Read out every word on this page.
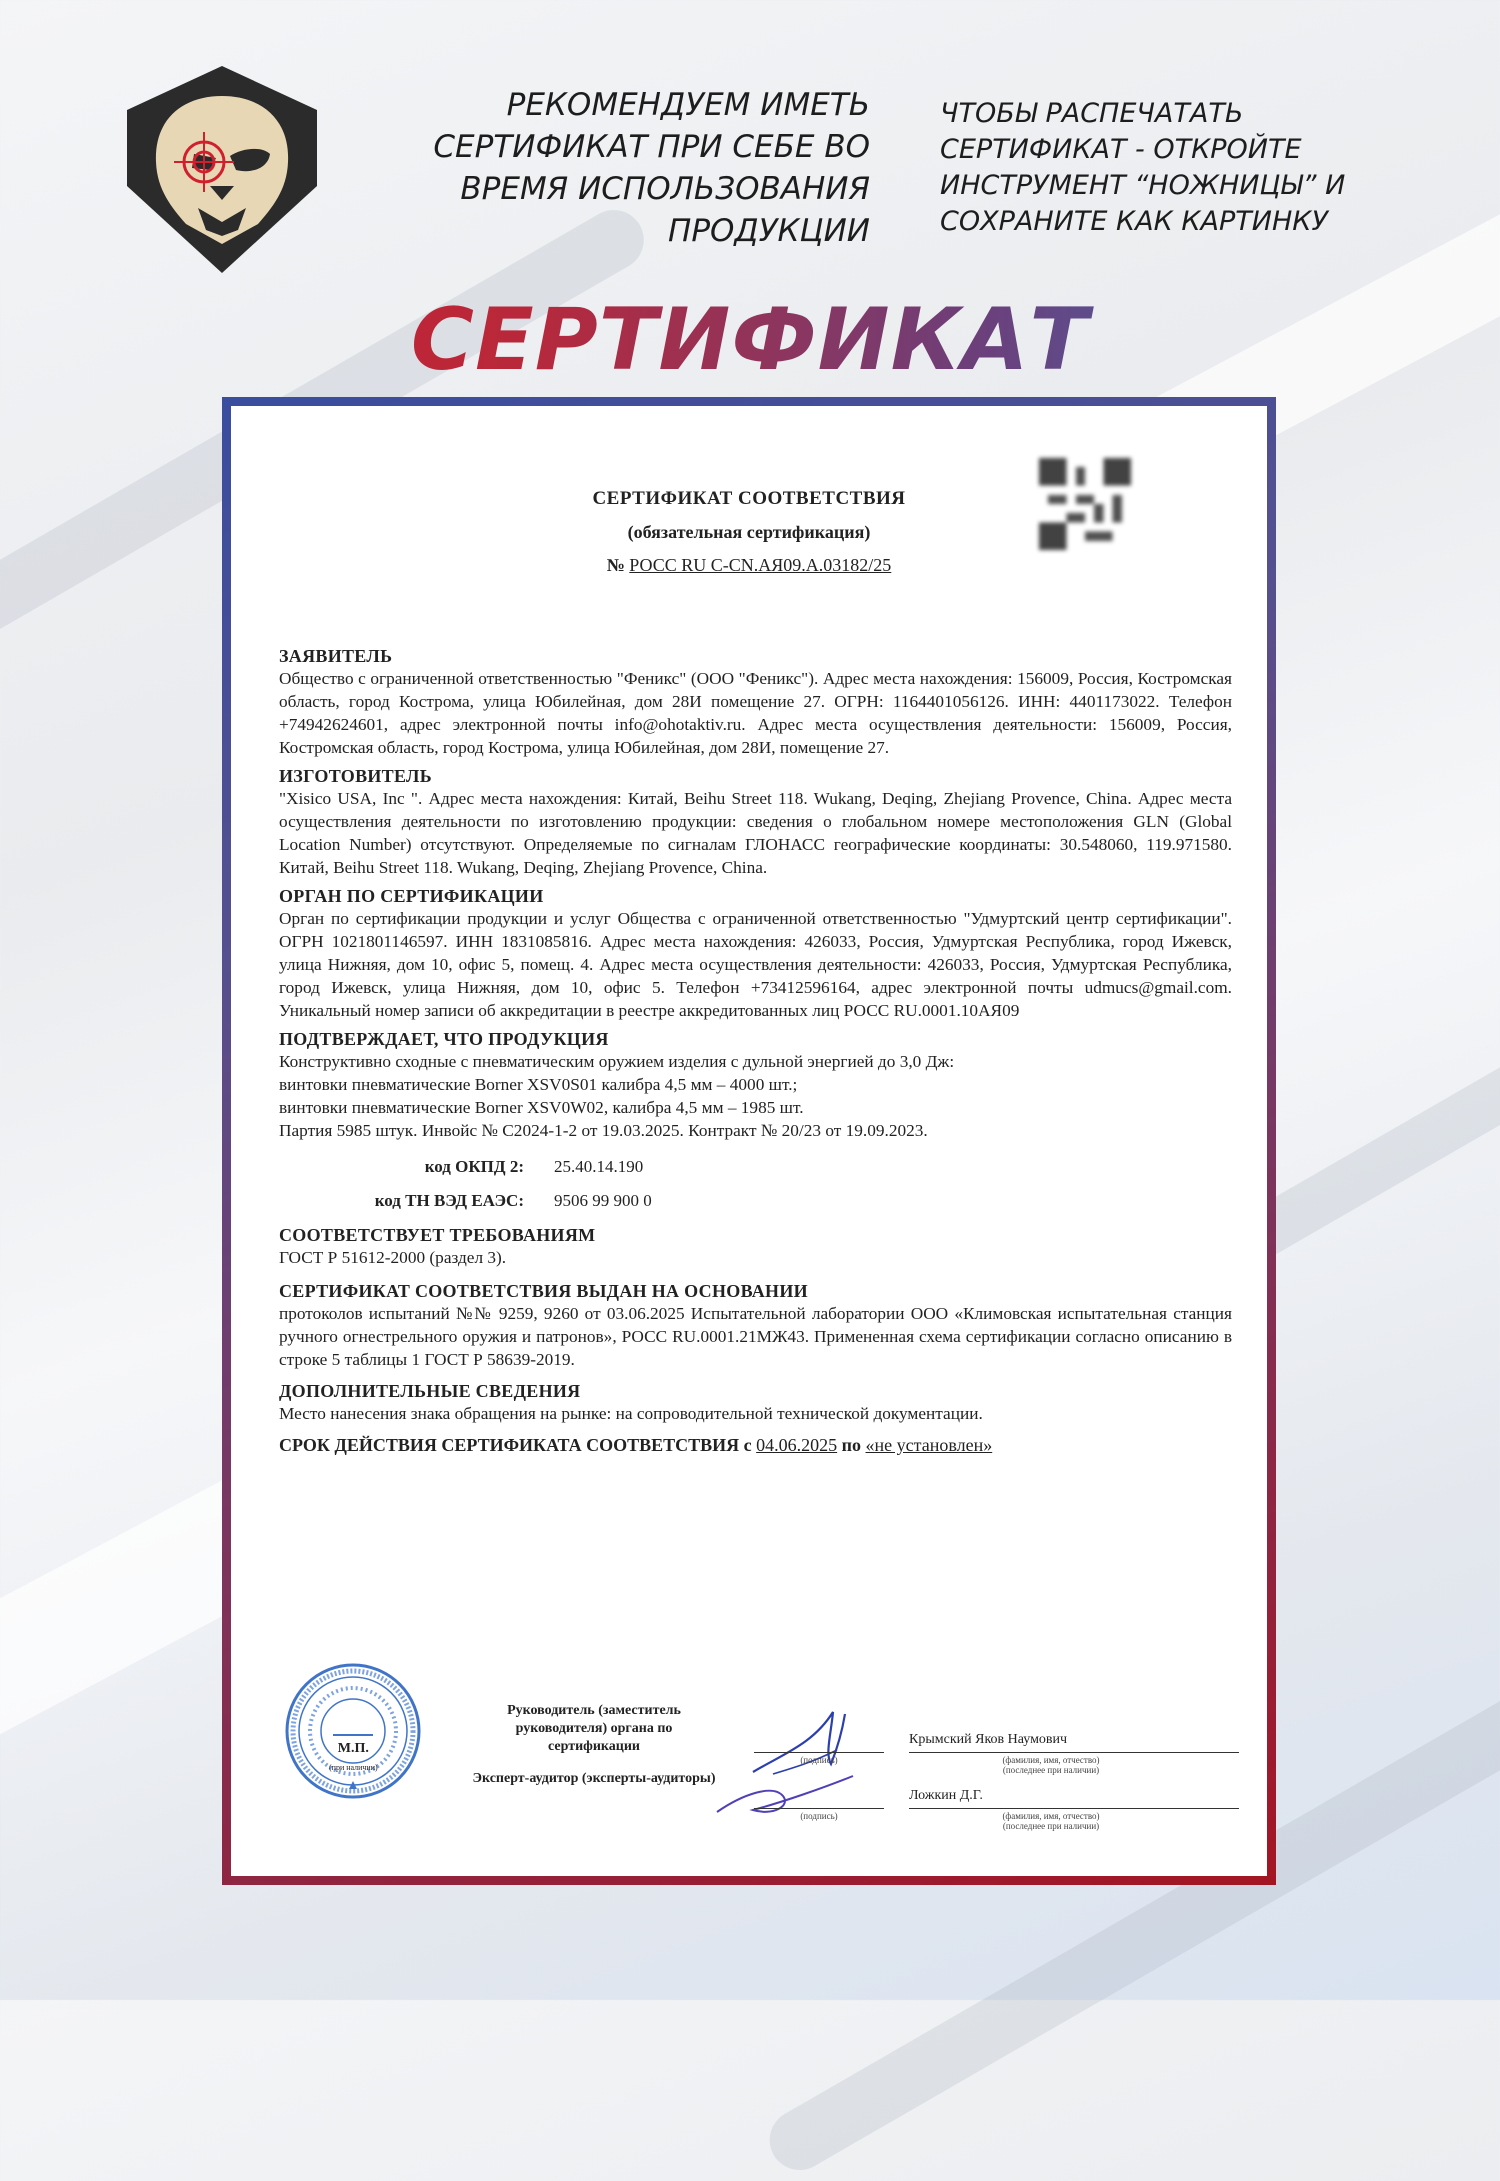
РЕКОМЕНДУЕМ ИМЕТЬ СЕРТИФИКАТ ПРИ СЕБЕ ВО ВРЕМЯ ИСПОЛЬЗОВАНИЯ ПРОДУКЦИИ
ЧТОБЫ РАСПЕЧАТАТЬ СЕРТИФИКАТ - ОТКРОЙТЕ ИНСТРУМЕНТ “НОЖНИЦЫ” И СОХРАНИТЕ КАК КАРТИНКУ
СЕРТИФИКАТ
СЕРТИФИКАТ СООТВЕТСТВИЯ
(обязательная сертификация)
№ РОСС RU С-CN.АЯ09.А.03182/25
ЗАЯВИТЕЛЬ

Общество с ограниченной ответственностью "Феникс" (ООО "Феникс"). Адрес места нахождения: 156009, Россия, Костромская область, город Кострома, улица Юбилейная, дом 28И помещение 27. ОГРН: 1164401056126. ИНН: 4401173022. Телефон +74942624601, адрес электронной почты info@ohotaktiv.ru. Адрес места осуществления деятельности: 156009, Россия, Костромская область, город Кострома, улица Юбилейная, дом 28И, помещение 27.

ИЗГОТОВИТЕЛЬ

"Xisico USA, Inc ". Адрес места нахождения: Китай, Beihu Street 118. Wukang, Deqing, Zhejiang Provence, China. Адрес места осуществления деятельности по изготовлению продукции: сведения о глобальном номере местоположения GLN (Global Location Number) отсутствуют. Определяемые по сигналам ГЛОНАСС географические координаты: 30.548060, 119.971580. Китай, Beihu Street 118. Wukang, Deqing, Zhejiang Provence, China.

ОРГАН ПО СЕРТИФИКАЦИИ

Орган по сертификации продукции и услуг Общества с ограниченной ответственностью "Удмуртский центр сертификации". ОГРН 1021801146597. ИНН 1831085816. Адрес места нахождения: 426033, Россия, Удмуртская Республика, город Ижевск, улица Нижняя, дом 10, офис 5, помещ. 4. Адрес места осуществления деятельности: 426033, Россия, Удмуртская Республика, город Ижевск, улица Нижняя, дом 10, офис 5. Телефон +73412596164, адрес электронной почты udmucs@gmail.com. Уникальный номер записи об аккредитации в реестре аккредитованных лиц РОСС RU.0001.10АЯ09

ПОДТВЕРЖДАЕТ, ЧТО ПРОДУКЦИЯ

Конструктивно сходные с пневматическим оружием изделия с дульной энергией до 3,0 Дж:

винтовки пневматические Borner XSV0S01 калибра 4,5 мм – 4000 шт.;

винтовки пневматические Borner XSV0W02, калибра 4,5 мм – 1985 шт.

Партия 5985 штук. Инвойс № C2024-1-2 от 19.03.2025. Контракт № 20/23 от 19.09.2023.

код ОКПД 2:	25.40.14.190
код ТН ВЭД ЕАЭС:	9506 99 900 0
СООТВЕТСТВУЕТ ТРЕБОВАНИЯМ

ГОСТ Р 51612-2000 (раздел 3).

СЕРТИФИКАТ СООТВЕТСТВИЯ ВЫДАН НА ОСНОВАНИИ

протоколов испытаний №№ 9259, 9260 от 03.06.2025 Испытательной лаборатории ООО «Климовская испытательная станция ручного огнестрельного оружия и патронов», РОСС RU.0001.21МЖ43. Примененная схема сертификации согласно описанию в строке 5 таблицы 1 ГОСТ Р 58639-2019.

ДОПОЛНИТЕЛЬНЫЕ СВЕДЕНИЯ

Место нанесения знака обращения на рынке: на сопроводительной технической документации.

СРОК ДЕЙСТВИЯ СЕРТИФИКАТА СООТВЕТСТВИЯ с 04.06.2025 по «не установлен»
Руководитель (заместитель руководителя) органа по сертификации
Эксперт-аудитор (эксперты-аудиторы)
М.П.
(при наличии)
(подпись)
(подпись)
Крымский Яков Наумович
(фамилия, имя, отчество) (последнее при наличии)
Ложкин Д.Г.
(фамилия, имя, отчество) (последнее при наличии)
